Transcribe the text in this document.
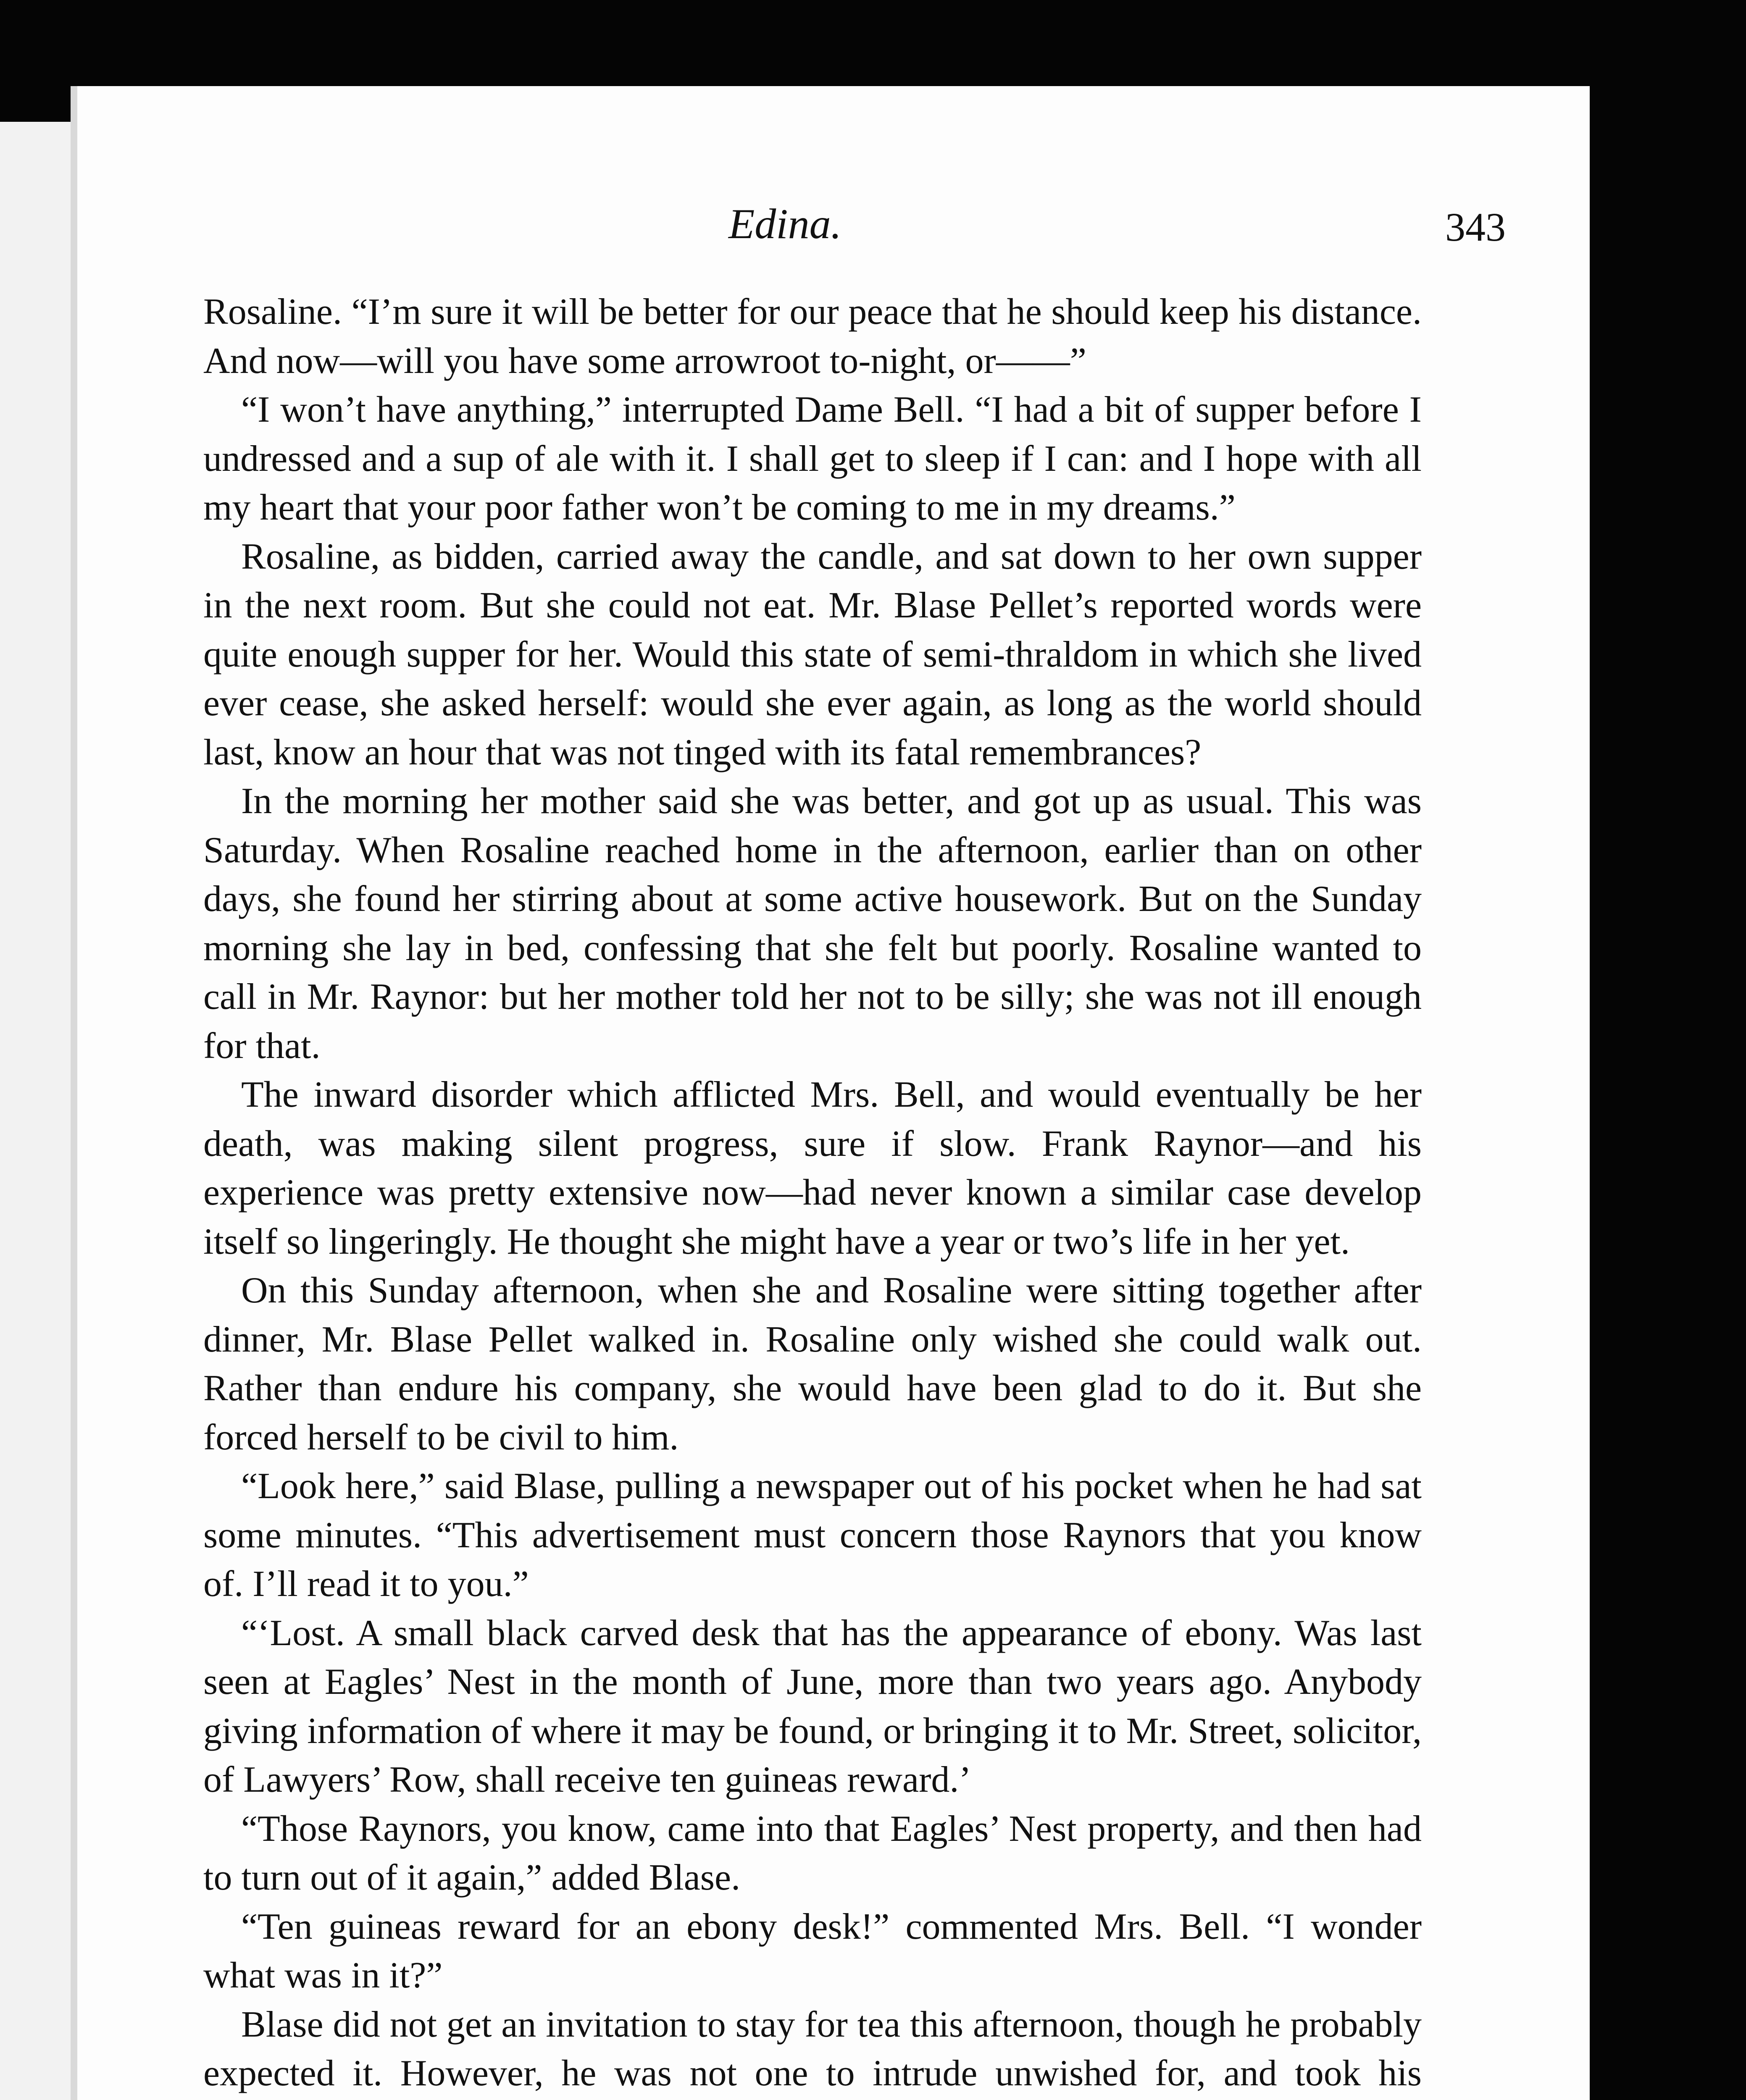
Edina.	343

Rosaline. “I’m sure it will be better for our peace that he should keep his distance. And now—will you have some arrowroot to-night, or——”

“I won’t have anything,” interrupted Dame Bell. “I had a bit of supper before I undressed and a sup of ale with it. I shall get to sleep if I can: and I hope with all my heart that your poor father won’t be coming to me in my dreams.”

Rosaline, as bidden, carried away the candle, and sat down to her own supper in the next room. But she could not eat. Mr. Blase Pellet’s reported words were quite enough supper for her. Would this state of semi-thraldom in which she lived ever cease, she asked herself: would she ever again, as long as the world should last, know an hour that was not tinged with its fatal remembrances?

In the morning her mother said she was better, and got up as usual. This was Saturday. When Rosaline reached home in the afternoon, earlier than on other days, she found her stirring about at some active housework. But on the Sunday morning she lay in bed, confessing that she felt but poorly. Rosaline wanted to call in Mr. Raynor: but her mother told her not to be silly; she was not ill enough for that.

The inward disorder which afflicted Mrs. Bell, and would eventually be her death, was making silent progress, sure if slow. Frank Raynor—and his experience was pretty extensive now—had never known a similar case develop itself so lingeringly. He thought she might have a year or two’s life in her yet.

On this Sunday afternoon, when she and Rosaline were sitting together after dinner, Mr. Blase Pellet walked in. Rosaline only wished she could walk out. Rather than endure his company, she would have been glad to do it. But she forced herself to be civil to him.

“Look here,” said Blase, pulling a newspaper out of his pocket when he had sat some minutes. “This advertisement must concern those Raynors that you know of. I’ll read it to you.”

“‘Lost. A small black carved desk that has the appearance of ebony. Was last seen at Eagles’ Nest in the month of June, more than two years ago. Anybody giving information of where it may be found, or bringing it to Mr. Street, solicitor, of Lawyers’ Row, shall receive ten guineas reward.’

“Those Raynors, you know, came into that Eagles’ Nest property, and then had to turn out of it again,” added Blase.

“Ten guineas reward for an ebony desk!” commented Mrs. Bell. “I wonder what was in it?”

Blase did not get an invitation to stay for tea this afternoon, though he probably expected it. However, he was not one to intrude unwished for, and took his
